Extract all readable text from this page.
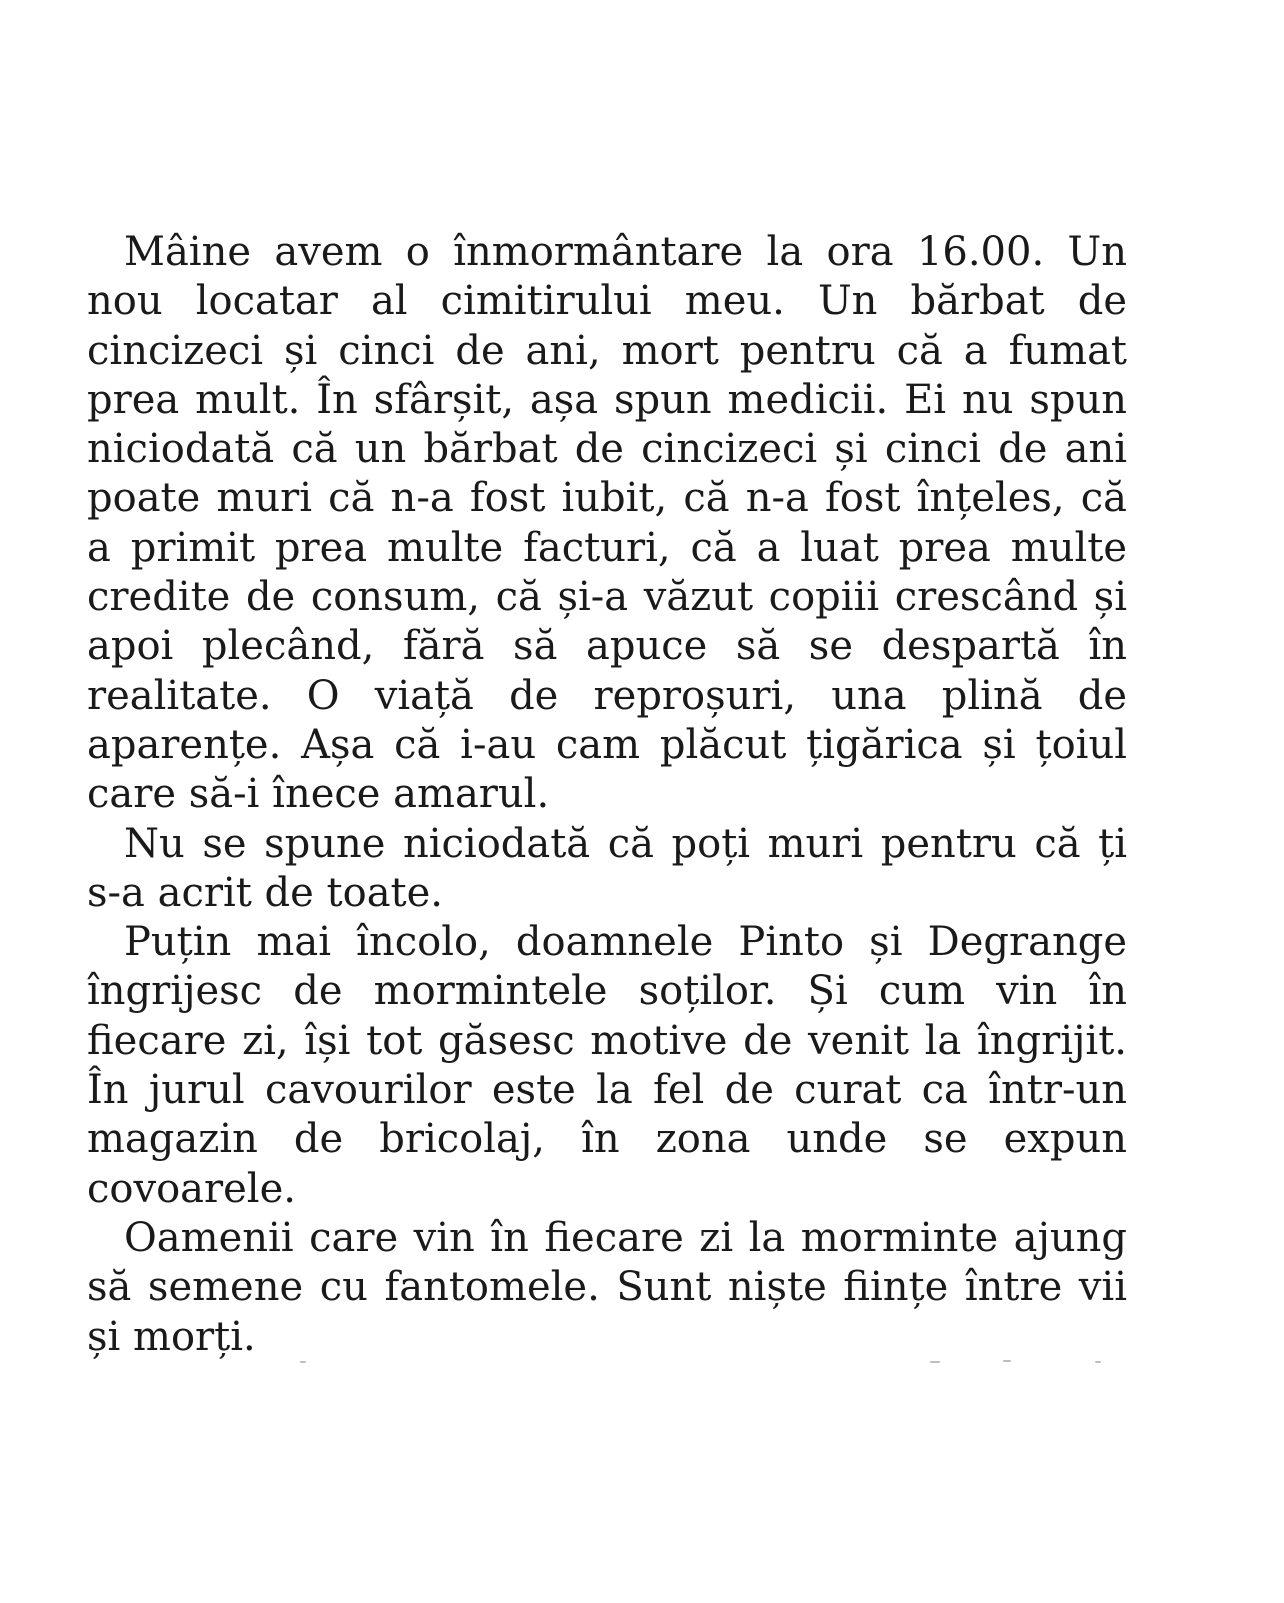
Mâine avem o înmormântare la ora 16.00. Un
nou locatar al cimitirului meu. Un bărbat de
cincizeci și cinci de ani, mort pentru că a fumat
prea mult. În sfârșit, așa spun medicii. Ei nu spun
niciodată că un bărbat de cincizeci și cinci de ani
poate muri că n-a fost iubit, că n-a fost înțeles, că
a primit prea multe facturi, că a luat prea multe
credite de consum, că și-a văzut copiii crescând și
apoi plecând, fără să apuce să se despartă în
realitate. O viață de reproșuri, una plină de
aparențe. Așa că i-au cam plăcut țigărica și țoiul
care să-i înece amarul.
Nu se spune niciodată că poți muri pentru că ți
s-a acrit de toate.
Puțin mai încolo, doamnele Pinto și Degrange
îngrijesc de mormintele soților. Și cum vin în
fiecare zi, își tot găsesc motive de venit la îngrijit.
În jurul cavourilor este la fel de curat ca într-un
magazin de bricolaj, în zona unde se expun
covoarele.
Oamenii care vin în fiecare zi la morminte ajung
să semene cu fantomele. Sunt niște ființe între vii
și morți.
